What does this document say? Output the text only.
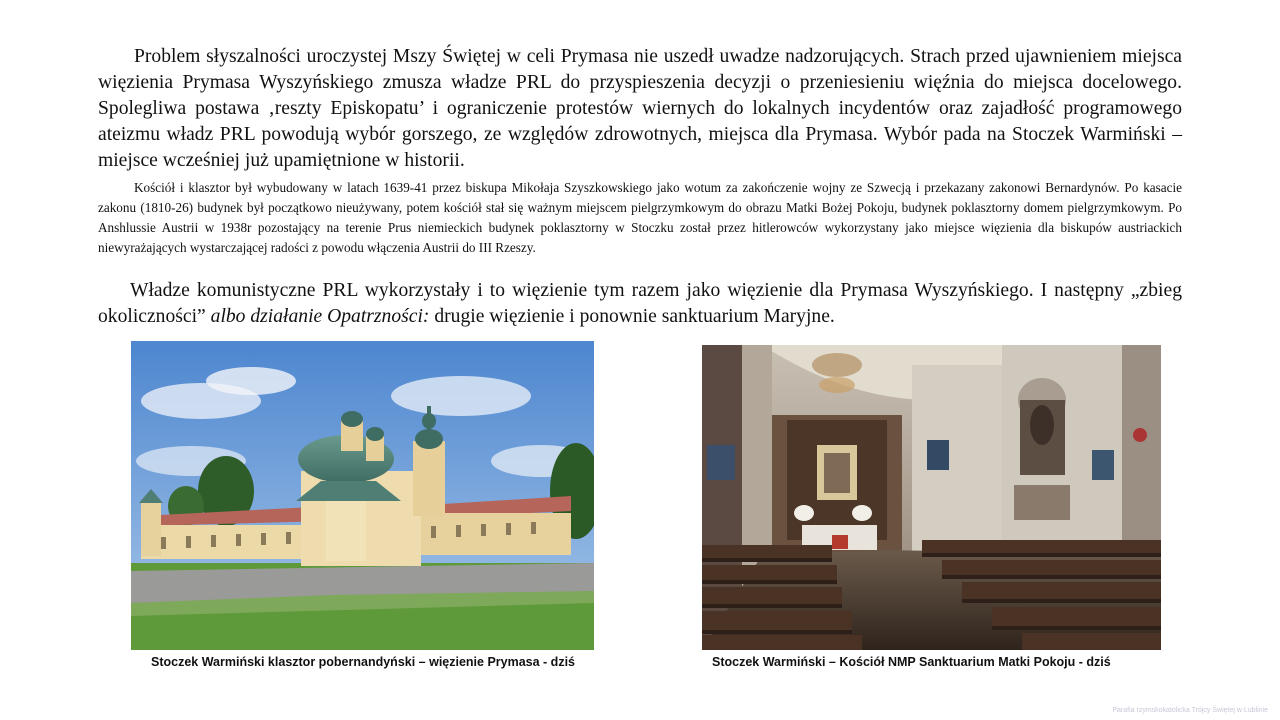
Problem słyszalności uroczystej Mszy Świętej w celi Prymasa nie uszedł uwadze nadzorujących. Strach przed ujawnieniem miejsca więzienia Prymasa Wyszyńskiego zmusza władze PRL do przyspieszenia decyzji o przeniesieniu więźnia do miejsca docelowego. Spolegliwa postawa ‚reszty Episkopatu’ i ograniczenie protestów wiernych do lokalnych incydentów oraz zajadłość programowego ateizmu władz PRL powodują wybór gorszego, ze względów zdrowotnych, miejsca dla Prymasa. Wybór pada na Stoczek Warmiński – miejsce wcześniej już upamiętnione w historii.

Kościół i klasztor był wybudowany w latach 1639-41 przez biskupa Mikołaja Szyszkowskiego jako wotum za zakończenie wojny ze Szwecją i przekazany zakonowi Bernardynów. Po kasacie zakonu (1810-26) budynek był początkowo nieużywany, potem kościół stał się ważnym miejscem pielgrzymkowym do obrazu Matki Bożej Pokoju, budynek poklasztorny domem pielgrzymkowym. Po Anshlussie Austrii w 1938r pozostający na terenie Prus niemieckich budynek poklasztorny w Stoczku został przez hitlerowców wykorzystany jako miejsce więzienia dla biskupów austriackich niewyrażających wystarczającej radości z powodu włączenia Austrii do III Rzeszy.

Władze komunistyczne PRL wykorzystały i to więzienie tym razem jako więzienie dla Prymasa Wyszyńskiego. I następny „zbieg okoliczności” albo działanie Opatrzności: drugie więzienie i ponownie sanktuarium Maryjne.

Stoczek Warmiński klasztor pobernandyński – więzienie Prymasa - dziś	Stoczek Warmiński – Kościół NMP Sanktuarium Matki Pokoju - dziś
Parafia rzymskokatolicka Trójcy Świętej w Lublinie
